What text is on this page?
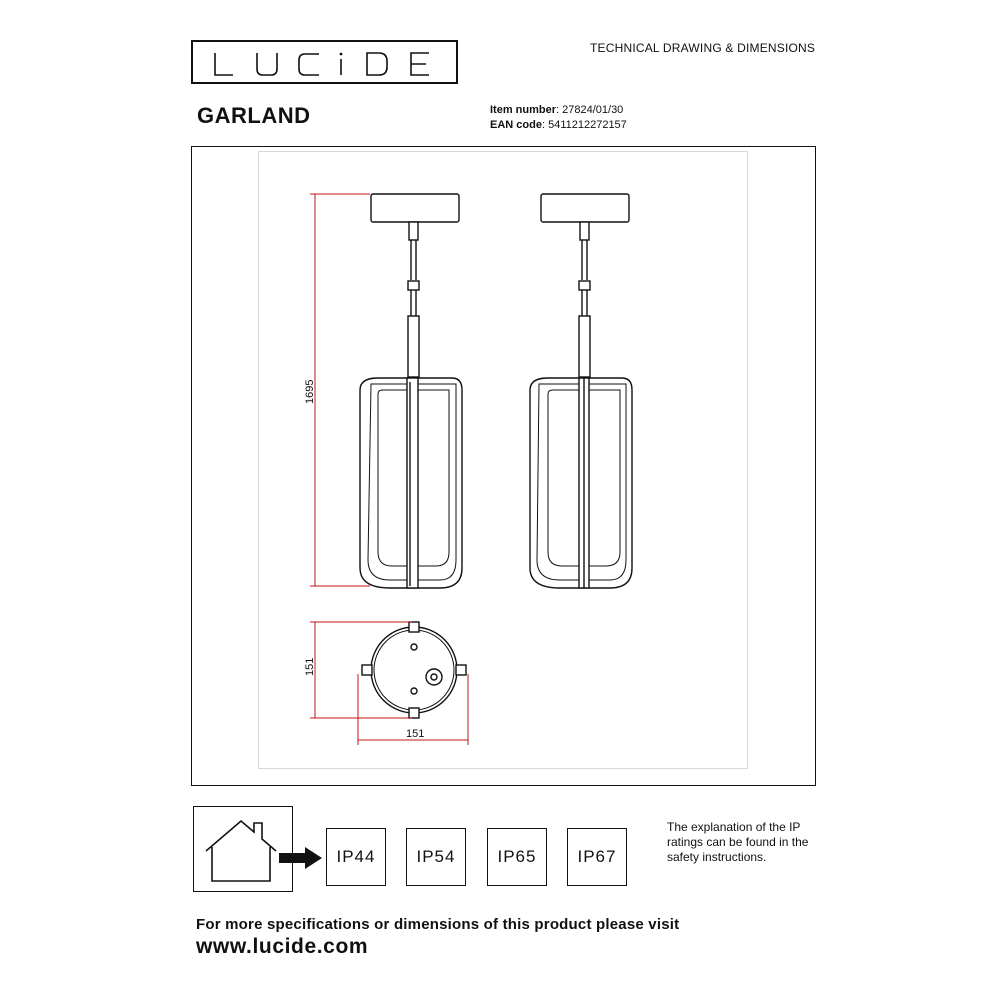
TECHNICAL DRAWING & DIMENSIONS
GARLAND	Item number: 27824/01/30
EAN code: 5411212272157
1695
151
151
IP44	IP54	IP65	IP67
The explanation of the IP ratings can be found in the safety instructions.
For more specifications or dimensions of this product please visit
www.lucide.com
